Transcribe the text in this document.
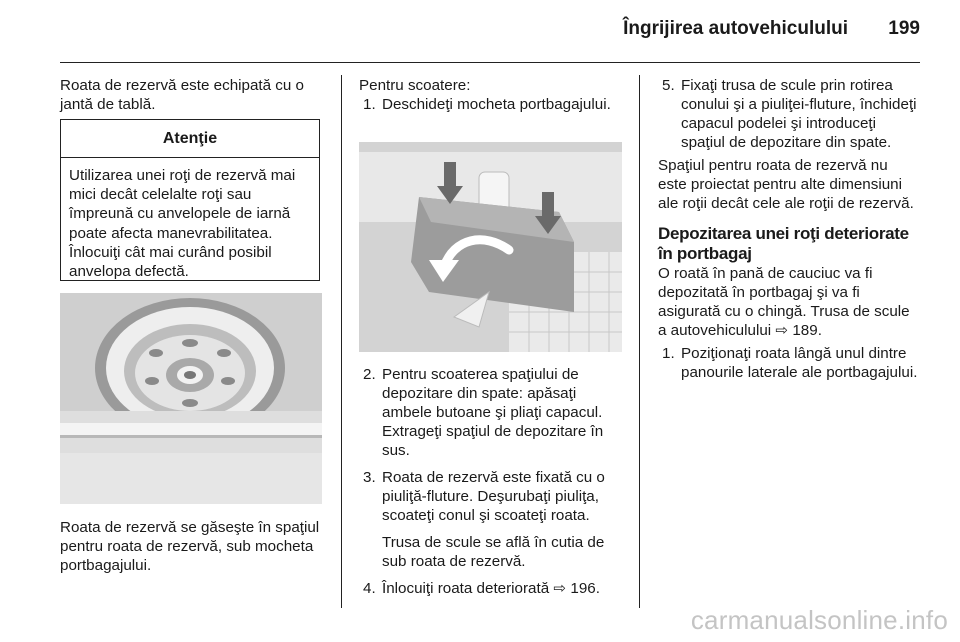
Îngrijirea autovehiculului	199

Roata de rezervă este echipată cu o jantă de tablă.

Atenţie
Utilizarea unei roţi de rezervă mai mici decât celelalte roţi sau împreună cu anvelopele de iarnă poate afecta manevrabilitatea. Înlocuiţi cât mai curând posibil anvelopa defectă.

Roata de rezervă se găseşte în spaţiul pentru roata de rezervă, sub mocheta portbagajului.

Pentru scoatere:

1. Deschideţi mocheta portbagajului.
2. Pentru scoaterea spaţiului de depozitare din spate: apăsaţi ambele butoane şi pliaţi capacul. Extrageţi spaţiul de depozitare în sus.
3. Roata de rezervă este fixată cu o piuliţă-fluture. Deşurubaţi piuliţa, scoateţi conul şi scoateţi roata.
Trusa de scule se află în cutia de sub roata de rezervă.
4. Înlocuiţi roata deteriorată ⇨ 196.
5. Fixaţi trusa de scule prin rotirea conului şi a piuliţei-fluture, închideţi capacul podelei şi introduceţi spaţiul de depozitare din spate.

Spaţiul pentru roata de rezervă nu este proiectat pentru alte dimensiuni ale roţii decât cele ale roţii de rezervă.

Depozitarea unei roţi deteriorate în portbagaj

O roată în pană de cauciuc va fi depozitată în portbagaj şi va fi asigurată cu o chingă. Trusa de scule a autovehiculului ⇨ 189.

1. Poziţionaţi roata lângă unul dintre panourile laterale ale portbagajului.
carmanualsonline.info
